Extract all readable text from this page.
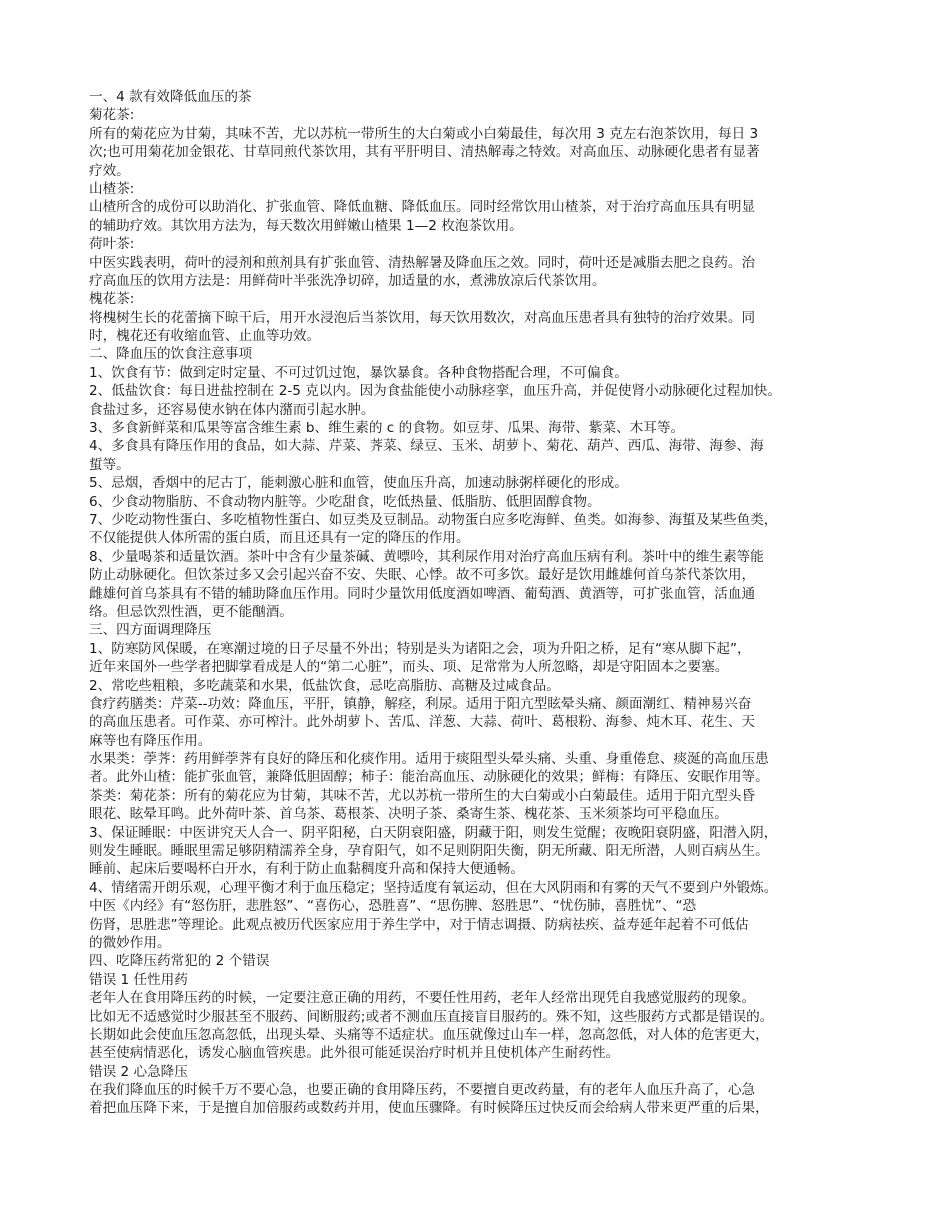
一、4 款有效降低血压的茶
菊花茶:
所有的菊花应为甘菊，其味不苦，尤以苏杭一带所生的大白菊或小白菊最佳，每次用 3 克左右泡茶饮用，每日 3
次;也可用菊花加金银花、甘草同煎代茶饮用，其有平肝明目、清热解毒之特效。对高血压、动脉硬化患者有显著
疗效。
山楂茶:
山楂所含的成份可以助消化、扩张血管、降低血糖、降低血压。同时经常饮用山楂茶，对于治疗高血压具有明显
的辅助疗效。其饮用方法为，每天数次用鲜嫩山楂果 1—2 枚泡茶饮用。
荷叶茶:
中医实践表明，荷叶的浸剂和煎剂具有扩张血管、清热解暑及降血压之效。同时，荷叶还是减脂去肥之良药。治
疗高血压的饮用方法是：用鲜荷叶半张洗净切碎，加适量的水，煮沸放凉后代茶饮用。
槐花茶:
将槐树生长的花蕾摘下晾干后，用开水浸泡后当茶饮用，每天饮用数次，对高血压患者具有独特的治疗效果。同
时，槐花还有收缩血管、止血等功效。
二、降血压的饮食注意事项
1、饮食有节：做到定时定量、不可过饥过饱，暴饮暴食。各种食物搭配合理，不可偏食。
2、低盐饮食：每日进盐控制在 2-5 克以内。因为食盐能使小动脉痉挛，血压升高，并促使肾小动脉硬化过程加快。
食盐过多，还容易使水钠在体内潴而引起水肿。
3、多食新鲜菜和瓜果等富含维生素 b、维生素的 c 的食物。如豆芽、瓜果、海带、紫菜、木耳等。
4、多食具有降压作用的食品，如大蒜、芹菜、荠菜、绿豆、玉米、胡萝卜、菊花、葫芦、西瓜、海带、海参、海
蜇等。
5、忌烟，香烟中的尼古丁，能刺激心脏和血管，使血压升高，加速动脉粥样硬化的形成。
6、少食动物脂肪、不食动物内脏等。少吃甜食，吃低热量、低脂肪、低胆固醇食物。
7、少吃动物性蛋白、多吃植物性蛋白、如豆类及豆制品。动物蛋白应多吃海鲜、鱼类。如海参、海蜇及某些鱼类，
不仅能提供人体所需的蛋白质，而且还具有一定的降压的作用。
8、少量喝茶和适量饮酒。茶叶中含有少量茶碱、黄嘌呤，其利尿作用对治疗高血压病有利。茶叶中的维生素等能
防止动脉硬化。但饮茶过多又会引起兴奋不安、失眠、心悸。故不可多饮。最好是饮用雌雄何首乌茶代茶饮用，
雌雄何首乌茶具有不错的辅助降血压作用。同时少量饮用低度酒如啤酒、葡萄酒、黄酒等，可扩张血管，活血通
络。但忌饮烈性酒，更不能酗酒。
三、四方面调理降压
1、防寒防风保暖，在寒潮过境的日子尽量不外出；特别是头为诸阳之会，项为升阳之桥，足有“寒从脚下起”，
近年来国外一些学者把脚掌看成是人的“第二心脏”，而头、项、足常常为人所忽略，却是守阳固本之要塞。
2、常吃些粗粮，多吃蔬菜和水果，低盐饮食，忌吃高脂肪、高糖及过咸食品。
食疗药膳类：芹菜--功效：降血压，平肝，镇静，解痉，利尿。适用于阳亢型眩晕头痛、颜面潮红、精神易兴奋
的高血压患者。可作菜、亦可榨汁。此外胡萝卜、苦瓜、洋葱、大蒜、荷叶、葛根粉、海参、炖木耳、花生、天
麻等也有降压作用。
水果类：荸荠：药用鲜荸荠有良好的降压和化痰作用。适用于痰阻型头晕头痛、头重、身重倦怠、痰涎的高血压患
者。此外山楂：能扩张血管，兼降低胆固醇；柿子：能治高血压、动脉硬化的效果；鲜梅：有降压、安眠作用等。
茶类：菊花茶：所有的菊花应为甘菊，其味不苦，尤以苏杭一带所生的大白菊或小白菊最佳。适用于阳亢型头昏
眼花、眩晕耳鸣。此外荷叶茶、首乌茶、葛根茶、决明子茶、桑寄生茶、槐花茶、玉米须茶均可平稳血压。
3、保证睡眠：中医讲究天人合一、阴平阳秘，白天阴衰阳盛，阴藏于阳，则发生觉醒；夜晚阳衰阴盛，阳潜入阴，
则发生睡眠。睡眠里需足够阴精濡养全身，孕育阳气，如不足则阴阳失衡，阴无所藏、阳无所潜，人则百病丛生。
睡前、起床后要喝杯白开水，有利于防止血黏稠度升高和保持大便通畅。
4、情绪需开朗乐观，心理平衡才利于血压稳定；坚持适度有氧运动，但在大风阴雨和有雾的天气不要到户外锻炼。
中医《内经》有“怒伤肝，悲胜怒”、“喜伤心，恐胜喜”、“思伤脾、怒胜思”、“忧伤肺，喜胜忧”、“恐
伤肾，思胜悲”等理论。此观点被历代医家应用于养生学中，对于情志调摄、防病祛疾、益寿延年起着不可低估
的微妙作用。
四、吃降压药常犯的 2 个错误
错误 1 任性用药
老年人在食用降压药的时候，一定要注意正确的用药，不要任性用药，老年人经常出现凭自我感觉服药的现象。
比如无不适感觉时少服甚至不服药、间断服药;或者不测血压直接盲目服药的。殊不知，这些服药方式都是错误的。
长期如此会使血压忽高忽低，出现头晕、头痛等不适症状。血压就像过山车一样，忽高忽低，对人体的危害更大，
甚至使病情恶化，诱发心脑血管疾患。此外很可能延误治疗时机并且使机体产生耐药性。
错误 2 心急降压
在我们降血压的时候千万不要心急，也要正确的食用降压药，不要擅自更改药量，有的老年人血压升高了，心急
着把血压降下来，于是擅自加倍服药或数药并用，使血压骤降。有时候降压过快反而会给病人带来更严重的后果，
